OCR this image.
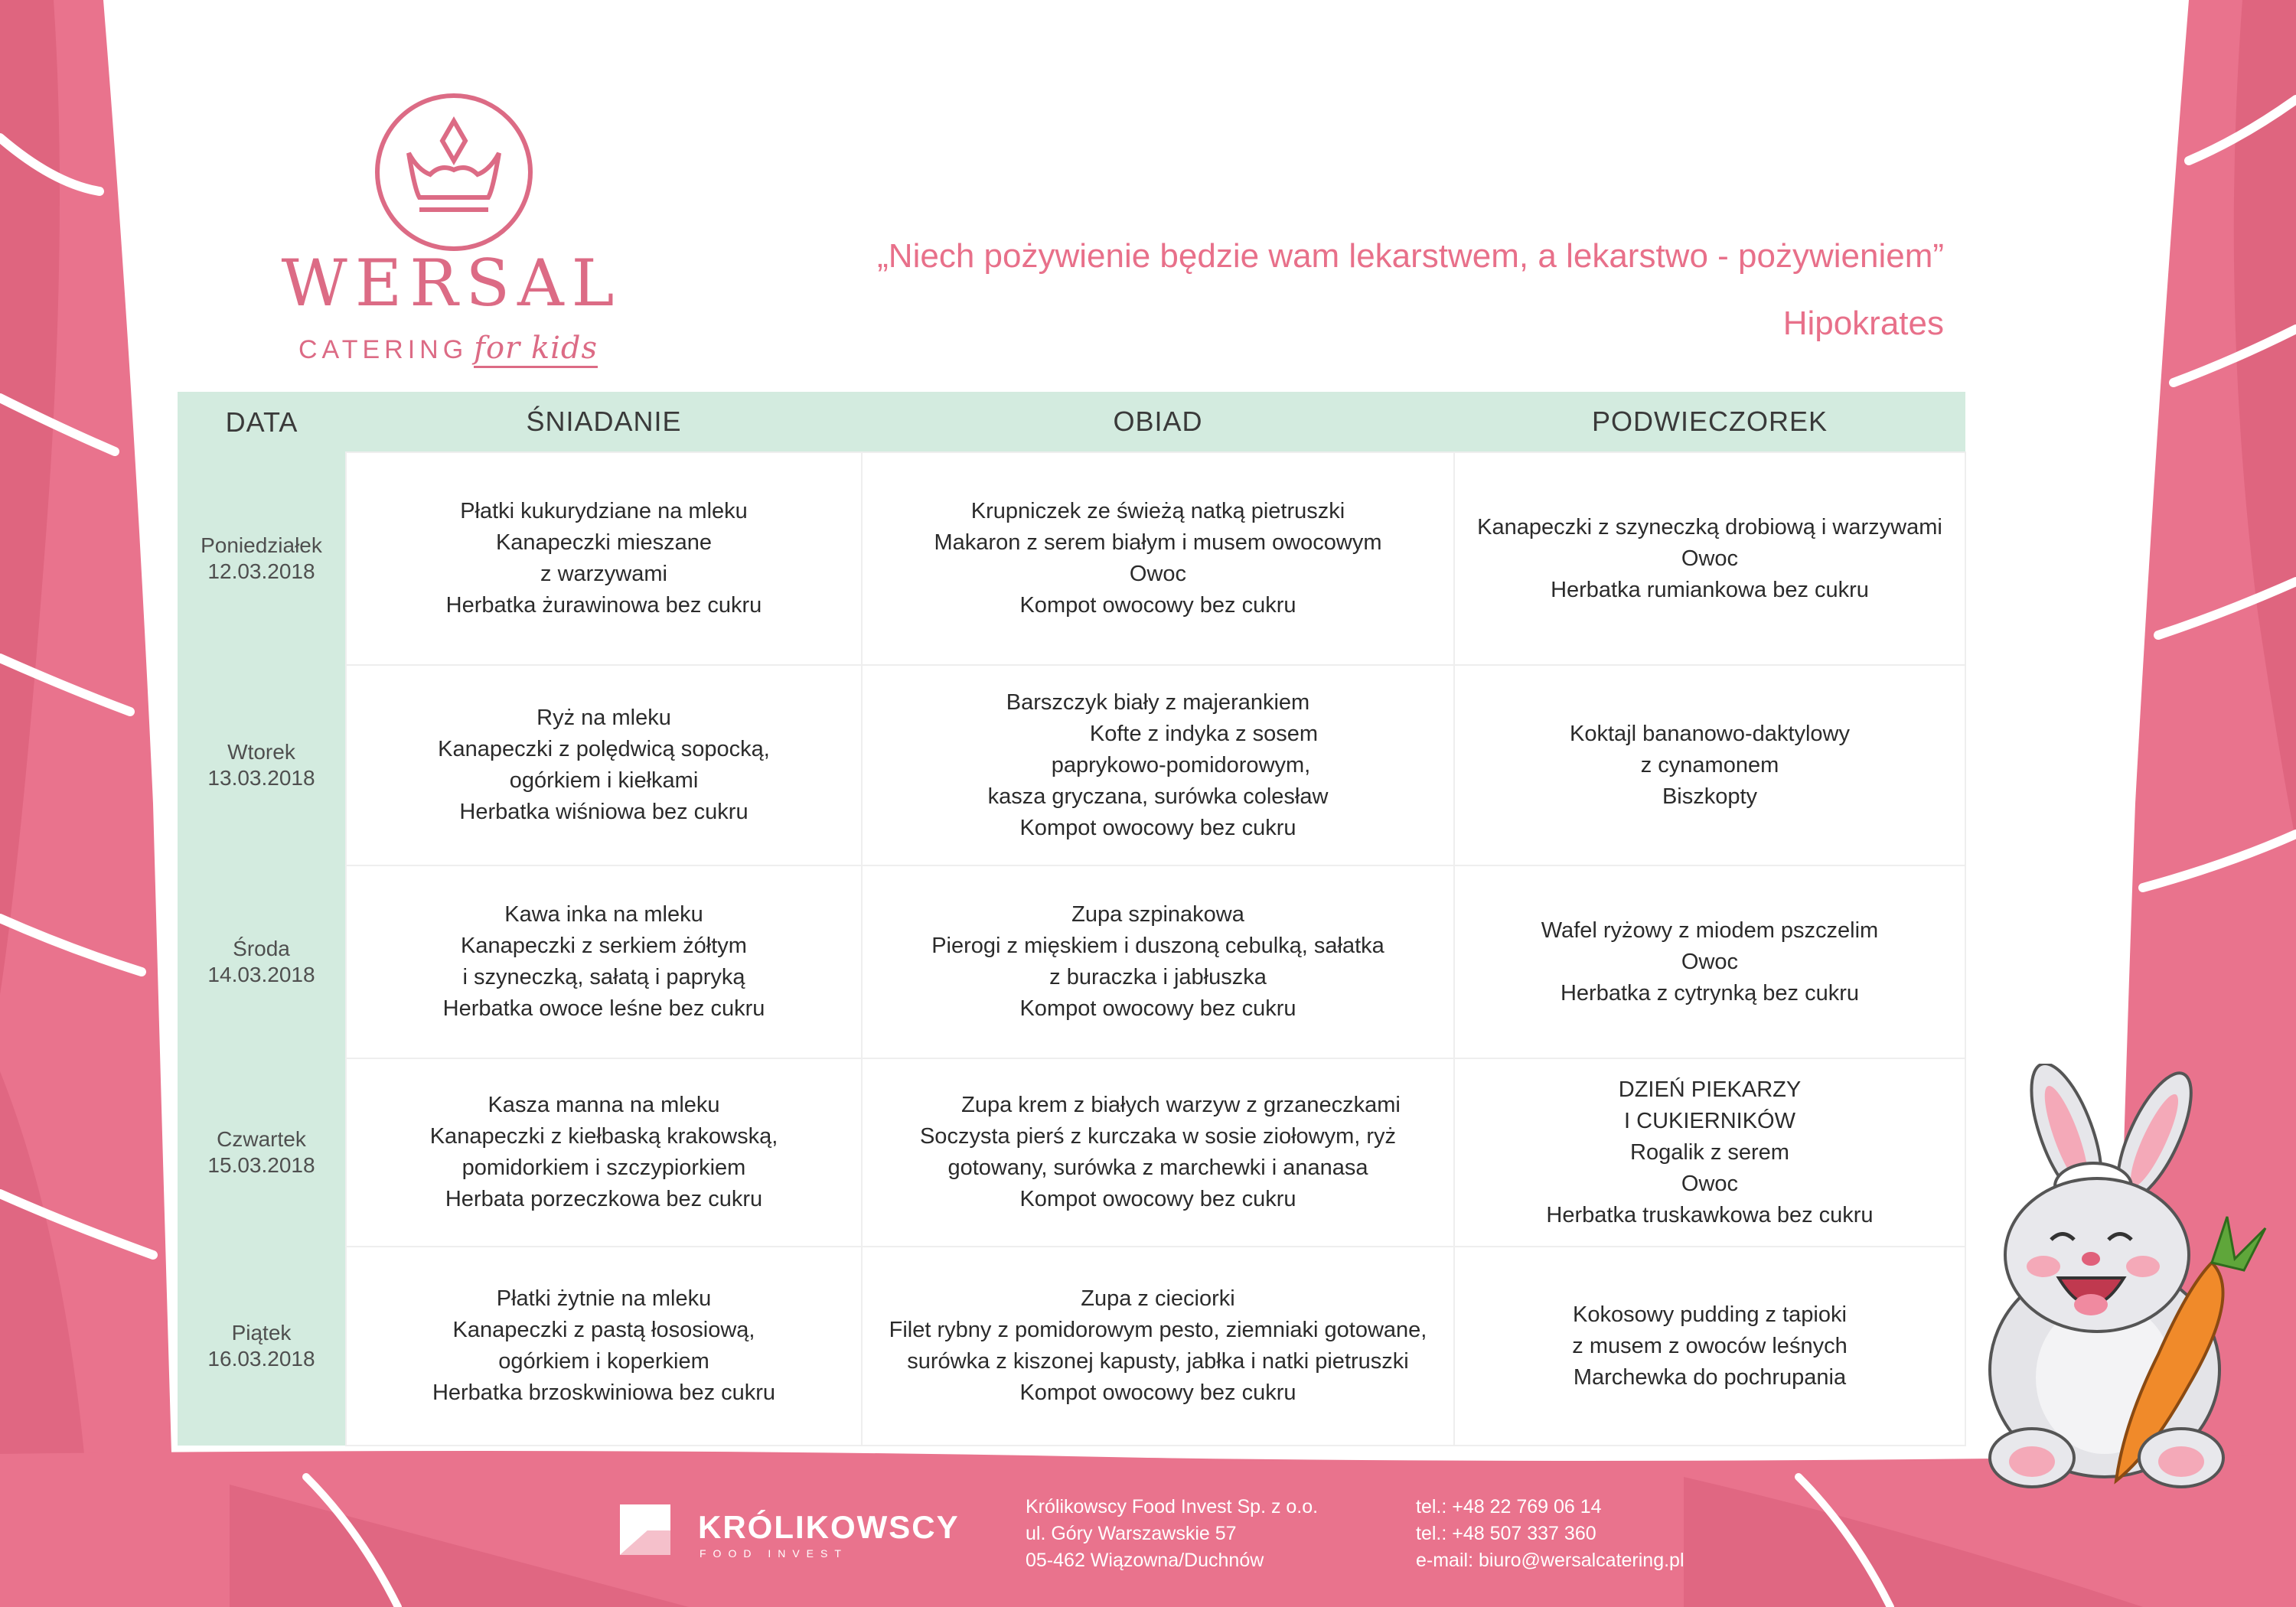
WERSAL
CATERING for kids
„Niech pożywienie będzie wam lekarstwem, a lekarstwo - pożywieniem”
Hipokrates
DATA	ŚNIADANIE	OBIAD	PODWIECZOREK

Poniedziałek
12.03.2018	Płatki kukurydziane na mleku
Kanapeczki mieszane
z warzywami
Herbatka żurawinowa bez cukru	Krupniczek ze świeżą natką pietruszki
Makaron z serem białym i musem owocowym
Owoc
Kompot owocowy bez cukru	Kanapeczki z szyneczką drobiową i warzywami
Owoc
Herbatka rumiankowa bez cukru

Wtorek
13.03.2018	Ryż na mleku
Kanapeczki z polędwicą sopocką,
ogórkiem i kiełkami
Herbatka wiśniowa bez cukru	Barszczyk biały z majerankiem
Kofte z indyka z sosem
paprykowo-pomidorowym,
kasza gryczana, surówka colesław
Kompot owocowy bez cukru	Koktajl bananowo-daktylowy
z cynamonem
Biszkopty

Środa
14.03.2018	Kawa inka na mleku
Kanapeczki z serkiem żółtym
i szyneczką, sałatą i papryką
Herbatka owoce leśne bez cukru	Zupa szpinakowa
Pierogi z mięskiem i duszoną cebulką, sałatka
z buraczka i jabłuszka
Kompot owocowy bez cukru	Wafel ryżowy z miodem pszczelim
Owoc
Herbatka z cytrynką bez cukru

Czwartek
15.03.2018	Kasza manna na mleku
Kanapeczki z kiełbaską krakowską,
pomidorkiem i szczypiorkiem
Herbata porzeczkowa bez cukru	Zupa krem z białych warzyw z grzaneczkami
Soczysta pierś z kurczaka w sosie ziołowym, ryż
gotowany, surówka z marchewki i ananasa
Kompot owocowy bez cukru	DZIEŃ PIEKARZY
I CUKIERNIKÓW
Rogalik z serem
Owoc
Herbatka truskawkowa bez cukru

Piątek
16.03.2018	Płatki żytnie na mleku
Kanapeczki z pastą łososiową,
ogórkiem i koperkiem
Herbatka brzoskwiniowa bez cukru	Zupa z cieciorki
Filet rybny z pomidorowym pesto, ziemniaki gotowane,
surówka z kiszonej kapusty, jabłka i natki pietruszki
Kompot owocowy bez cukru	Kokosowy pudding z tapioki
z musem z owoców leśnych
Marchewka do pochrupania
KRÓLIKOWSCY
FOOD INVEST
Królikowscy Food Invest Sp. z o.o.
ul. Góry Warszawskie 57
05-462 Wiązowna/Duchnów
tel.: +48 22 769 06 14
tel.: +48 507 337 360
e-mail: biuro@wersalcatering.pl
